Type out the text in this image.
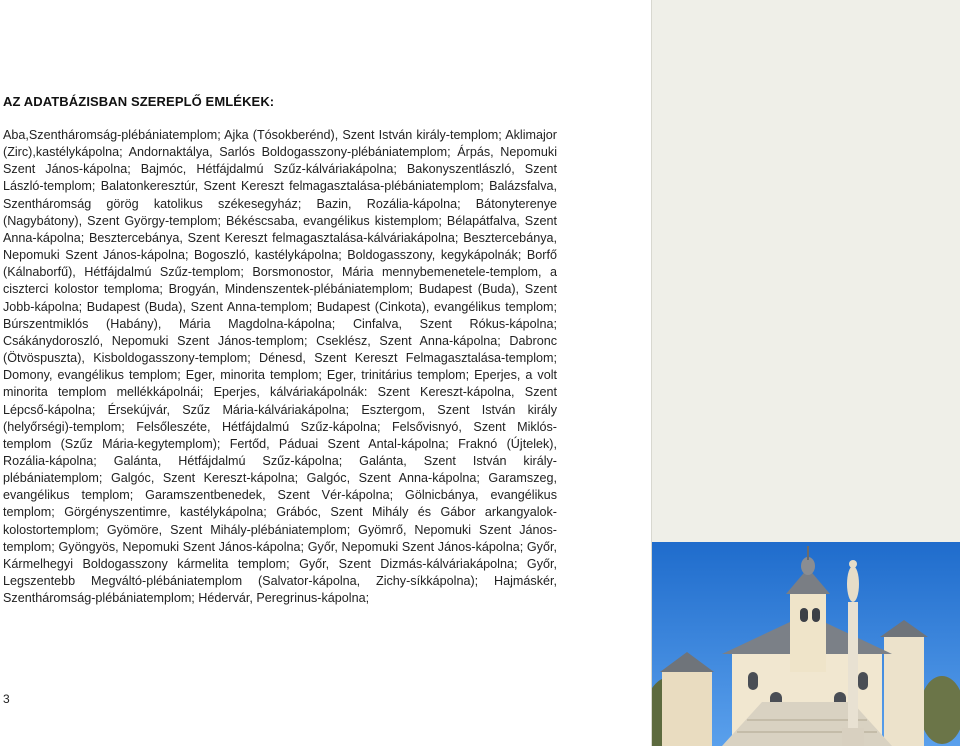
AZ ADATBÁZISBAN SZEREPLŐ EMLÉKEK:
Aba,Szentháromság-plébániatemplom; Ajka (Tósokberénd), Szent István király-templom; Aklimajor (Zirc),kastélykápolna; Andornaktálya, Sarlós Boldogasszony-plébániatemplom; Árpás, Nepomuki Szent János-kápolna; Bajmóc, Hétfájdalmú Szűz-kálváriakápolna; Bakonyszentlászló, Szent László-templom; Balatonkeresztúr, Szent Kereszt felmagasztalása-plébániatemplom; Balázsfalva, Szentháromság görög katolikus székesegyház; Bazin, Rozália-kápolna; Bátonyterenye (Nagybátony), Szent György-templom; Békéscsaba, evangélikus kistemplom; Bélapátfalva, Szent Anna-kápolna; Besztercebánya, Szent Kereszt felmagasztalása-kálváriakápolna; Besztercebánya, Nepomuki Szent János-kápolna; Bogoszló, kastélykápolna; Boldogasszony, kegykápolnák; Borfő (Kálnaborfű), Hétfájdalmú Szűz-templom; Borsmonostor, Mária mennybemenetele-templom, a ciszterci kolostor temploma; Brogyán, Mindenszentek-plébániatemplom; Budapest (Buda), Szent Jobb-kápolna; Budapest (Buda), Szent Anna-templom; Budapest (Cinkota), evangélikus templom; Búrszentmiklós (Habány), Mária Magdolna-kápolna; Cinfalva, Szent Rókus-kápolna; Csákánydoroszló, Nepomuki Szent János-templom; Cseklész, Szent Anna-kápolna; Dabronc (Ötvöspuszta), Kisboldogasszony-templom; Dénesd, Szent Kereszt Felmagasztalása-templom; Domony, evangélikus templom; Eger, minorita templom; Eger, trinitárius templom; Eperjes, a volt minorita templom mellékkápolnái; Eperjes, kálváriakápolnák: Szent Kereszt-kápolna, Szent Lépcső-kápolna; Érsekújvár, Szűz Mária-kálváriakápolna; Esztergom, Szent István király (helyőrségi)-templom; Felsőleszéte, Hétfájdalmú Szűz-kápolna; Felsővisnyó, Szent Miklós-templom (Szűz Mária-kegytemplom); Fertőd, Páduai Szent Antal-kápolna; Fraknó (Újtelek), Rozália-kápolna; Galánta, Hétfájdalmú Szűz-kápolna; Galánta, Szent István király-plébániatemplom; Galgóc, Szent Kereszt-kápolna; Galgóc, Szent Anna-kápolna; Garamszeg, evangélikus templom; Garamszentbenedek, Szent Vér-kápolna; Gölnicbánya, evangélikus templom; Görgényszentimre, kastélykápolna; Grábóc, Szent Mihály és Gábor arkangyalok-kolostortemplom; Gyömöre, Szent Mihály-plébániatemplom; Gyömrő, Nepomuki Szent János-templom; Gyöngyös, Nepomuki Szent János-kápolna; Győr, Nepomuki Szent János-kápolna; Győr, Kármelhegyi Boldogasszony kármelita templom; Győr, Szent Dizmás-kálváriakápolna; Győr, Legszentebb Megváltó-plébániatemplom (Salvator-kápolna, Zichy-síkkápolna); Hajmáskér, Szentháromság-plébániatemplom; Hédervár, Peregrinus-kápolna;
3
